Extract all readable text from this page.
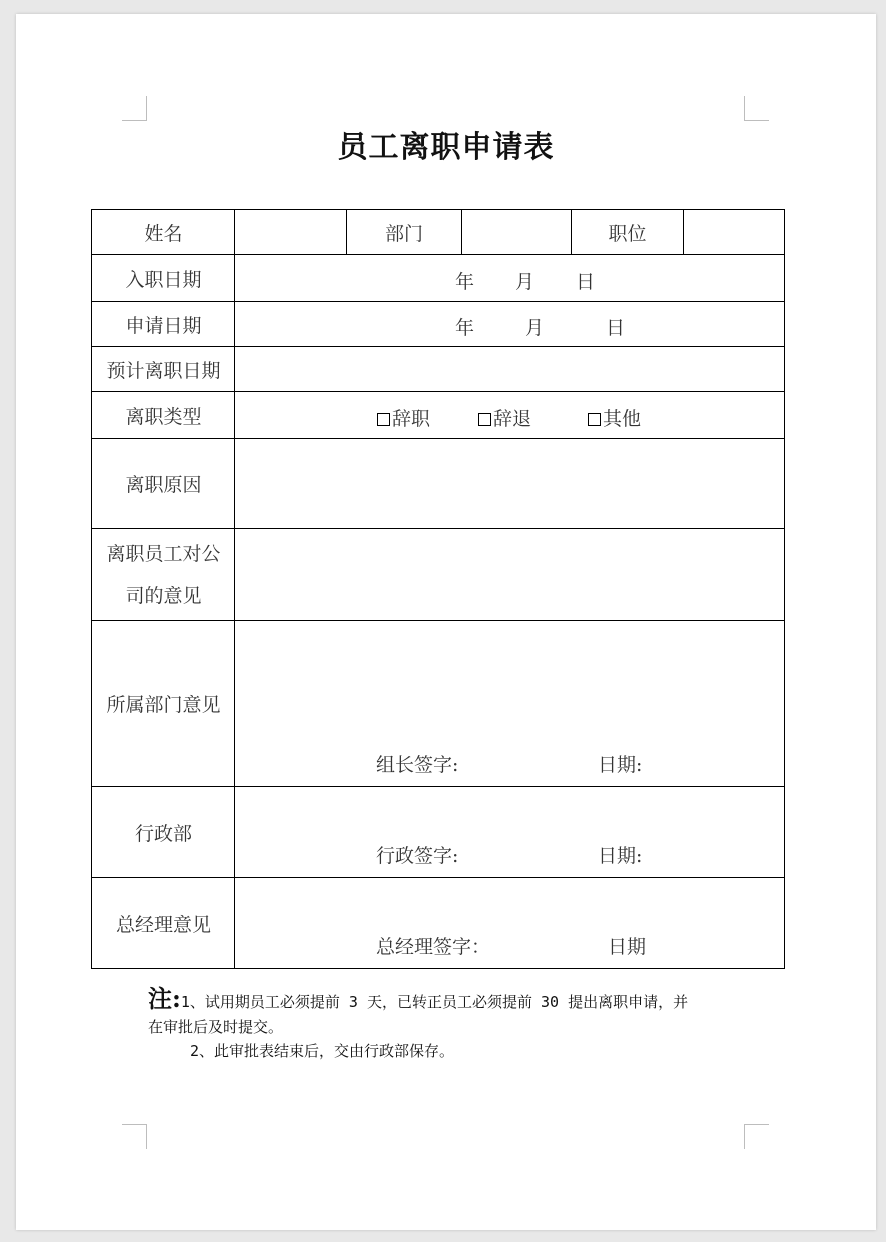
员工离职申请表
姓名	部门	职位
入职日期	年 月 日
申请日期	年	月	日
预计离职日期
离职类型	辞职	辞退	其他
离职原因
离职员工对公
司的意见
所属部门意见
组长签字:	日期:
行政部
行政签字:	日期:
总经理意见
总经理签字：	日期
注:1、试用期员工必须提前 3 天，已转正员工必须提前 30 提出离职申请，并
在审批后及时提交。
2、此审批表结束后，交由行政部保存。
